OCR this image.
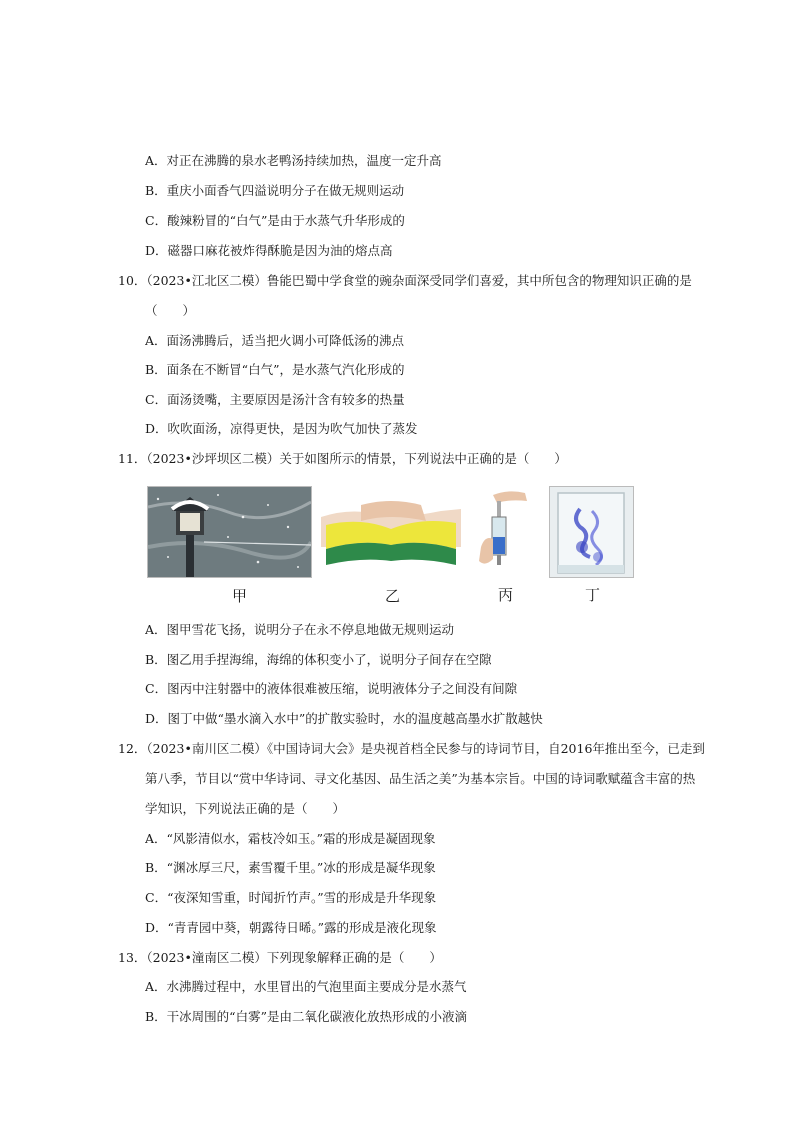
A．对正在沸腾的泉水老鸭汤持续加热，温度一定升高
B．重庆小面香气四溢说明分子在做无规则运动
C．酸辣粉冒的“白气”是由于水蒸气升华形成的
D．磁器口麻花被炸得酥脆是因为油的熔点高
10．（2023•江北区二模）鲁能巴蜀中学食堂的豌杂面深受同学们喜爱，其中所包含的物理知识正确的是
（　　）
A．面汤沸腾后，适当把火调小可降低汤的沸点
B．面条在不断冒“白气”，是水蒸气汽化形成的
C．面汤烫嘴，主要原因是汤汁含有较多的热量
D．吹吹面汤，凉得更快，是因为吹气加快了蒸发
11．（2023•沙坪坝区二模）关于如图所示的情景，下列说法中正确的是（　　）
甲	乙	丙	丁
A．图甲雪花飞扬，说明分子在永不停息地做无规则运动
B．图乙用手捏海绵，海绵的体积变小了，说明分子间存在空隙
C．图丙中注射器中的液体很难被压缩，说明液体分子之间没有间隙
D．图丁中做“墨水滴入水中”的扩散实验时，水的温度越高墨水扩散越快
12．（2023•南川区二模）《中国诗词大会》是央视首档全民参与的诗词节目，自2016年推出至今，已走到
第八季，节目以“赏中华诗词、寻文化基因、品生活之美”为基本宗旨。中国的诗词歌赋蕴含丰富的热
学知识，下列说法正确的是（　　）
A．“风影清似水，霜枝冷如玉。”霜的形成是凝固现象
B．“渊冰厚三尺，素雪覆千里。”冰的形成是凝华现象
C．“夜深知雪重，时闻折竹声。”雪的形成是升华现象
D．“青青园中葵，朝露待日晞。”露的形成是液化现象
13．（2023•潼南区二模）下列现象解释正确的是（　　）
A．水沸腾过程中，水里冒出的气泡里面主要成分是水蒸气
B．干冰周围的“白雾”是由二氧化碳液化放热形成的小液滴
